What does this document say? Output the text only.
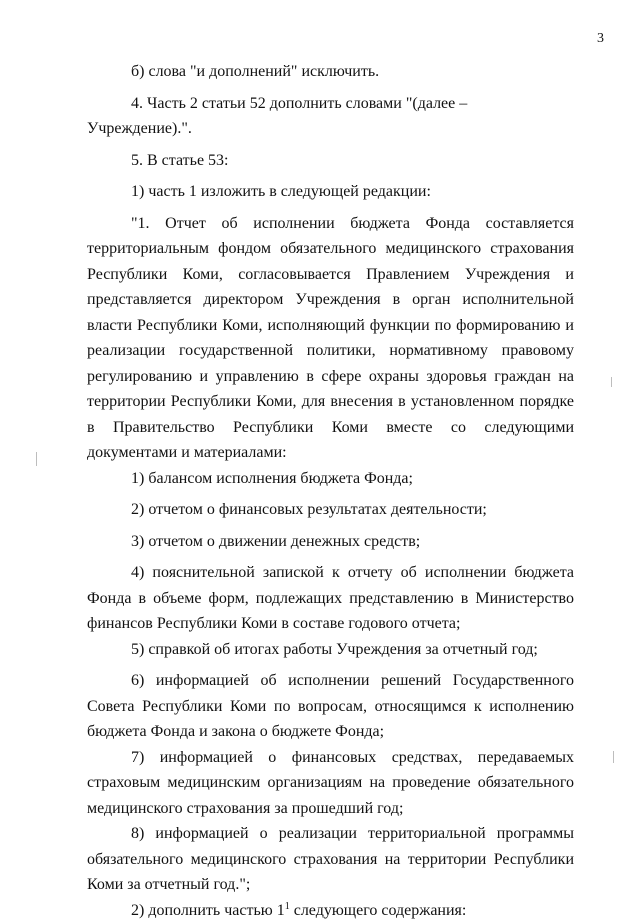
3

б) слова "и дополнений" исключить.

4. Часть 2 статьи 52 дополнить словами "(далее – Учреждение).".

5. В статье 53:

1) часть 1 изложить в следующей редакции:

"1. Отчет об исполнении бюджета Фонда составляется территориальным фондом обязательного медицинского страхования Республики Коми, согласовывается Правлением Учреждения и представляется директором Учреждения в орган исполнительной власти Республики Коми, исполняющий функции по формированию и реализации государственной политики, нормативному правовому регулированию и управлению в сфере охраны здоровья граждан на территории Республики Коми, для внесения в установленном порядке в Правительство Республики Коми вместе со следующими документами и материалами:

1) балансом исполнения бюджета Фонда;

2) отчетом о финансовых результатах деятельности;

3) отчетом о движении денежных средств;

4) пояснительной запиской к отчету об исполнении бюджета Фонда в объеме форм, подлежащих представлению в Министерство финансов Республики Коми в составе годового отчета;

5) справкой об итогах работы Учреждения за отчетный год;

6) информацией об исполнении решений Государственного Совета Республики Коми по вопросам, относящимся к исполнению бюджета Фонда и закона о бюджете Фонда;

7) информацией о финансовых средствах, передаваемых страховым медицинским организациям на проведение обязательного медицинского страхования за прошедший год;

8) информацией о реализации территориальной программы обязательного медицинского страхования на территории Республики Коми за отчетный год.";

2) дополнить частью $1^1$ следующего содержания:
